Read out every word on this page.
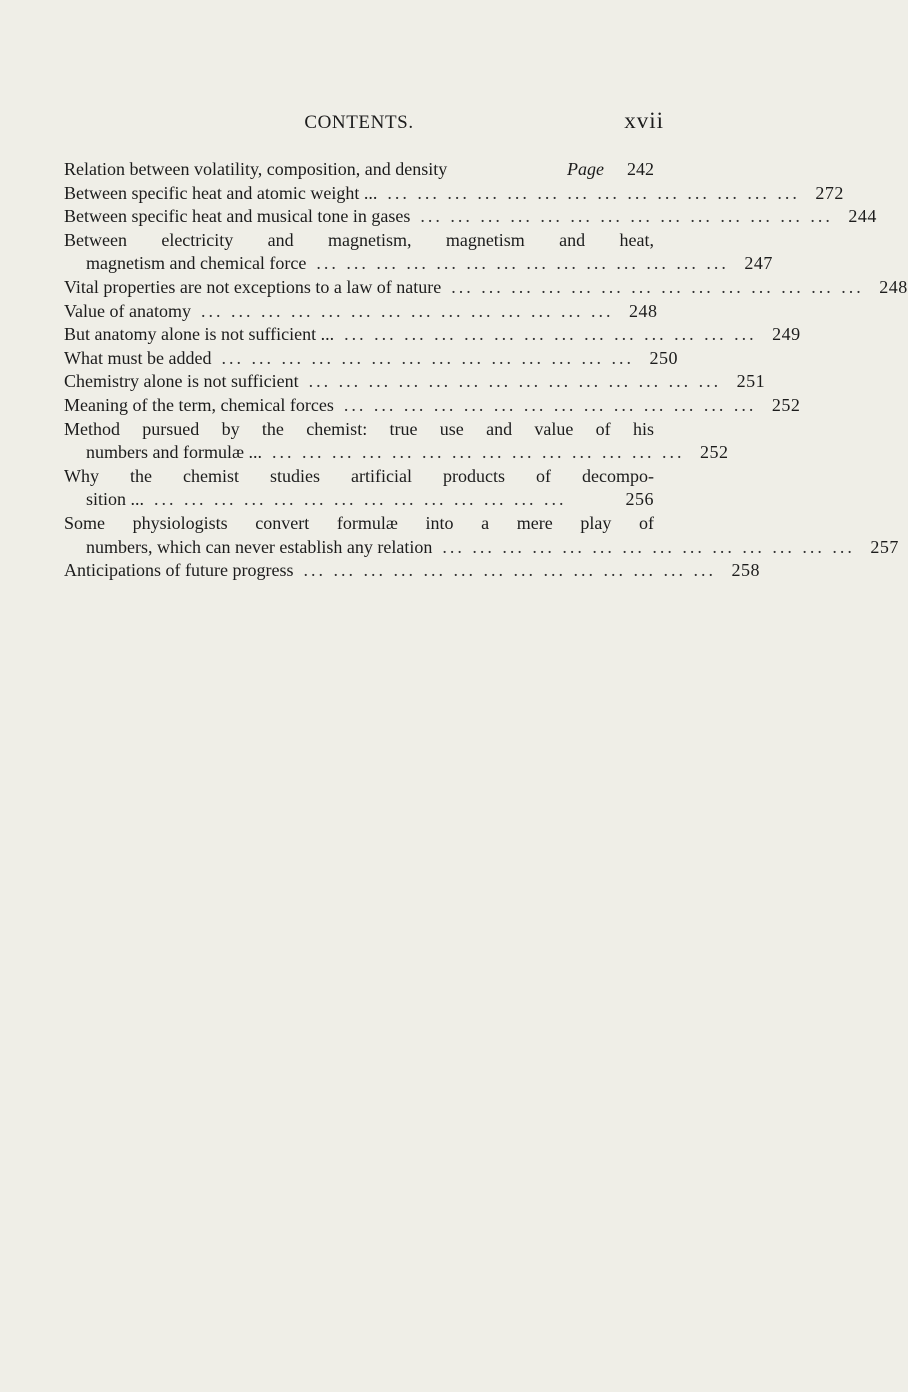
CONTENTS.	xvii
Relation between volatility, composition, and density	Page	242
Between specific heat and atomic weight ... ... ... ... ... ... ... ... ... ... ... ... ... ... ... 272
Between specific heat and musical tone in gases ... ... ... ... ... ... ... ... ... ... ... ... ... ... 244
Between electricity and magnetism, magnetism and heat,
magnetism and chemical force ... ... ... ... ... ... ... ... ... ... ... ... ... ... 247
Vital properties are not exceptions to a law of nature ... ... ... ... ... ... ... ... ... ... ... ... ... ... 248
Value of anatomy ... ... ... ... ... ... ... ... ... ... ... ... ... ... 248
But anatomy alone is not sufficient ... ... ... ... ... ... ... ... ... ... ... ... ... ... ... 249
What must be added ... ... ... ... ... ... ... ... ... ... ... ... ... ... 250
Chemistry alone is not sufficient ... ... ... ... ... ... ... ... ... ... ... ... ... ... 251
Meaning of the term, chemical forces ... ... ... ... ... ... ... ... ... ... ... ... ... ... 252
Method pursued by the chemist: true use and value of his
numbers and formulæ ... ... ... ... ... ... ... ... ... ... ... ... ... ... ... 252
Why the chemist studies artificial products of decompo-
sition ... ... ... ... ... ... ... ... ... ... ... ... ... ... ...	256
Some physiologists convert formulæ into a mere play of
numbers, which can never establish any relation ... ... ... ... ... ... ... ... ... ... ... ... ... ... 257
Anticipations of future progress ... ... ... ... ... ... ... ... ... ... ... ... ... ... 258
